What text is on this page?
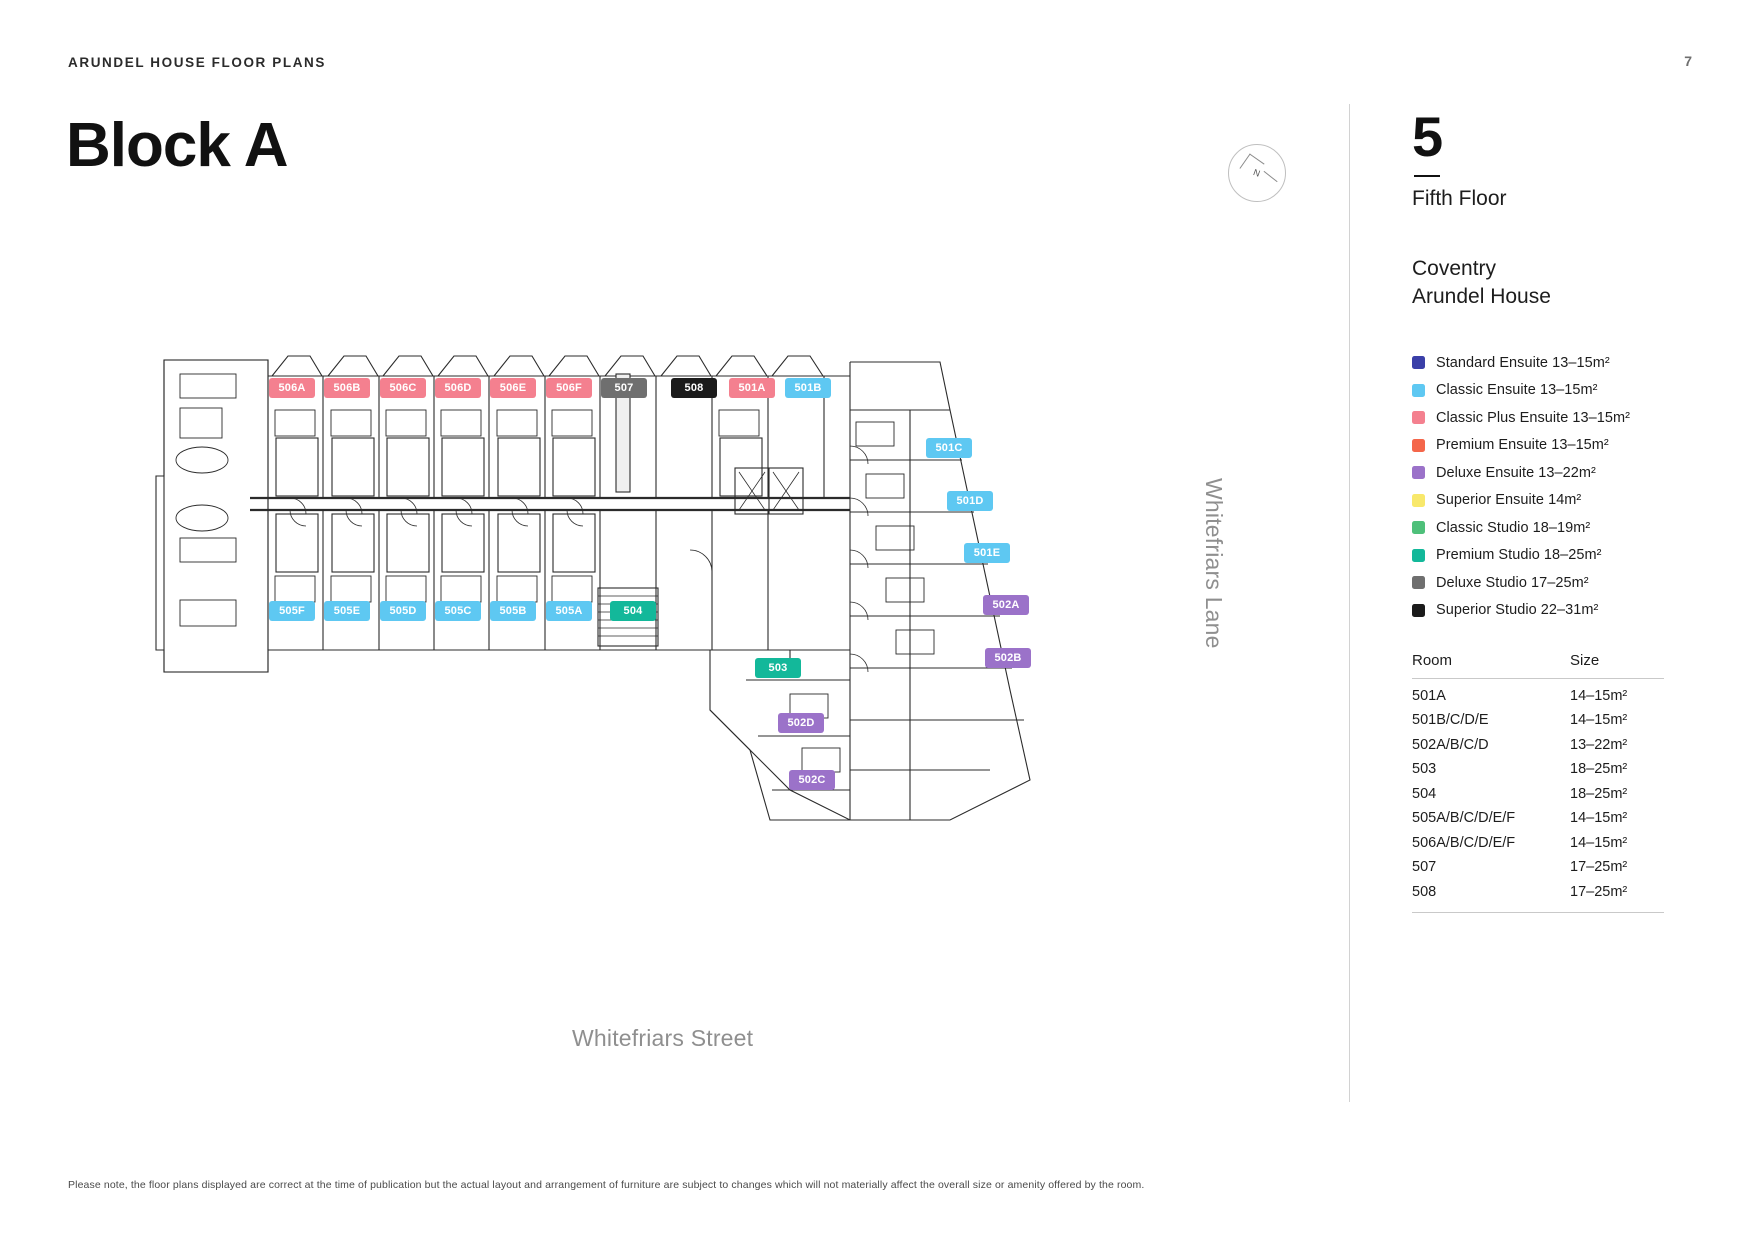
ARUNDEL HOUSE FLOOR PLANS	7
Block A	N
506A	506B	506C	506D	506E	506F	507	508	501A	501B
501C
501D
501E
502A
502B
505F	505E	505D	505C	505B	505A	504
503
502D
502C
Whitefriars Street
Whitefriars Lane
Please note, the floor plans displayed are correct at the time of publication but the actual layout and arrangement of furniture are subject to changes which will not materially affect the overall size or amenity offered by the room.
5
Fifth Floor
Coventry
Arundel House
Standard Ensuite 13–15m²
Classic Ensuite 13–15m²
Classic Plus Ensuite 13–15m²
Premium Ensuite 13–15m²
Deluxe Ensuite 13–22m²
Superior Ensuite 14m²
Classic Studio 18–19m²
Premium Studio 18–25m²
Deluxe Studio 17–25m²
Superior Studio 22–31m²
Room	Size
501A	14–15m²
501B/C/D/E	14–15m²
502A/B/C/D	13–22m²
503	18–25m²
504	18–25m²
505A/B/C/D/E/F	14–15m²
506A/B/C/D/E/F	14–15m²
507	17–25m²
508	17–25m²
